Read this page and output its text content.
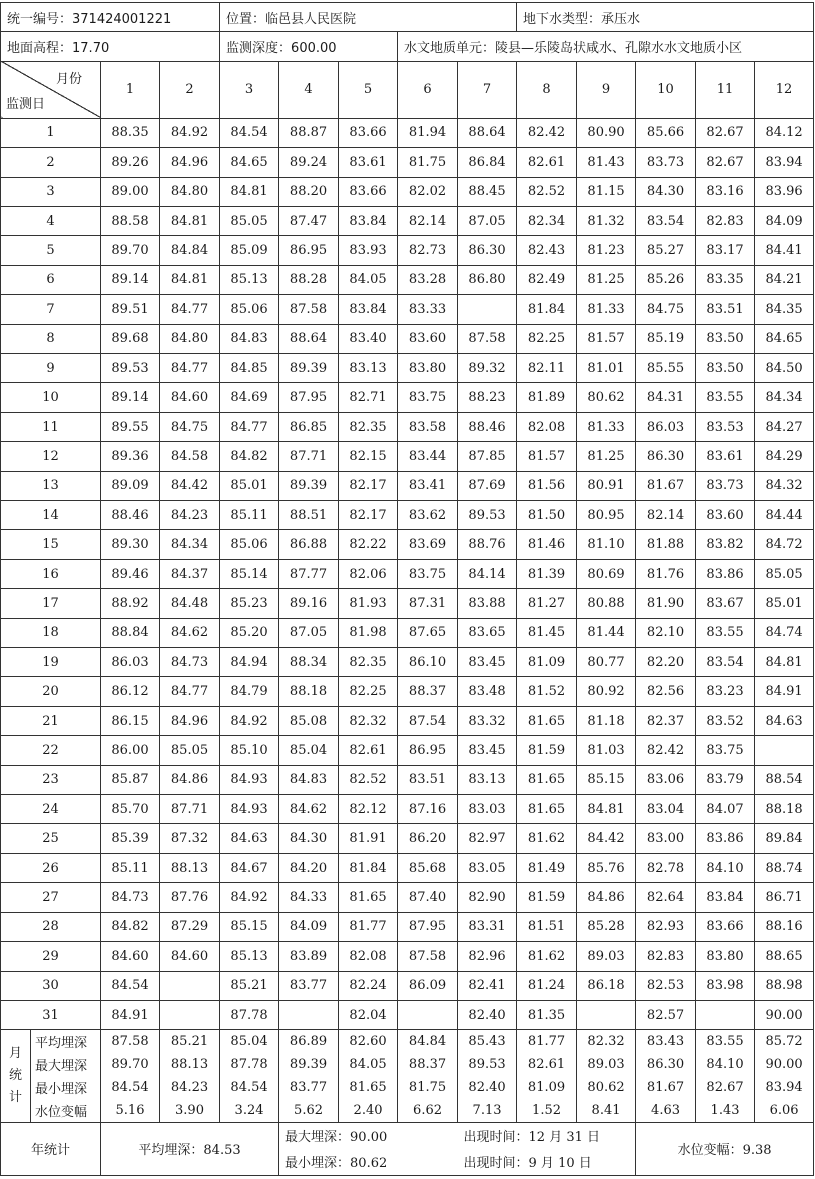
统一编号：371424001221				位置：临邑县人民医院					地下水类型：承压水				
地面高程：17.70				监测深度：600.00			水文地质单元：陵县—乐陵岛状咸水、孔隙水水文地质小区						

月份
监测日		1	2	3	4	5	6	7	8	9	10	11	12
1		88.35	84.92	84.54	88.87	83.66	81.94	88.64	82.42	80.90	85.66	82.67	84.12
2		89.26	84.96	84.65	89.24	83.61	81.75	86.84	82.61	81.43	83.73	82.67	83.94
3		89.00	84.80	84.81	88.20	83.66	82.02	88.45	82.52	81.15	84.30	83.16	83.96
4		88.58	84.81	85.05	87.47	83.84	82.14	87.05	82.34	81.32	83.54	82.83	84.09
5		89.70	84.84	85.09	86.95	83.93	82.73	86.30	82.43	81.23	85.27	83.17	84.41
6		89.14	84.81	85.13	88.28	84.05	83.28	86.80	82.49	81.25	85.26	83.35	84.21
7		89.51	84.77	85.06	87.58	83.84	83.33		81.84	81.33	84.75	83.51	84.35
8		89.68	84.80	84.83	88.64	83.40	83.60	87.58	82.25	81.57	85.19	83.50	84.65
9		89.53	84.77	84.85	89.39	83.13	83.80	89.32	82.11	81.01	85.55	83.50	84.50
10		89.14	84.60	84.69	87.95	82.71	83.75	88.23	81.89	80.62	84.31	83.55	84.34
11		89.55	84.75	84.77	86.85	82.35	83.58	88.46	82.08	81.33	86.03	83.53	84.27
12		89.36	84.58	84.82	87.71	82.15	83.44	87.85	81.57	81.25	86.30	83.61	84.29
13		89.09	84.42	85.01	89.39	82.17	83.41	87.69	81.56	80.91	81.67	83.73	84.32
14		88.46	84.23	85.11	88.51	82.17	83.62	89.53	81.50	80.95	82.14	83.60	84.44
15		89.30	84.34	85.06	86.88	82.22	83.69	88.76	81.46	81.10	81.88	83.82	84.72
16		89.46	84.37	85.14	87.77	82.06	83.75	84.14	81.39	80.69	81.76	83.86	85.05
17		88.92	84.48	85.23	89.16	81.93	87.31	83.88	81.27	80.88	81.90	83.67	85.01
18		88.84	84.62	85.20	87.05	81.98	87.65	83.65	81.45	81.44	82.10	83.55	84.74
19		86.03	84.73	84.94	88.34	82.35	86.10	83.45	81.09	80.77	82.20	83.54	84.81
20		86.12	84.77	84.79	88.18	82.25	88.37	83.48	81.52	80.92	82.56	83.23	84.91
21		86.15	84.96	84.92	85.08	82.32	87.54	83.32	81.65	81.18	82.37	83.52	84.63
22		86.00	85.05	85.10	85.04	82.61	86.95	83.45	81.59	81.03	82.42	83.75	
23		85.87	84.86	84.93	84.83	82.52	83.51	83.13	81.65	85.15	83.06	83.79	88.54
24		85.70	87.71	84.93	84.62	82.12	87.16	83.03	81.65	84.81	83.04	84.07	88.18
25		85.39	87.32	84.63	84.30	81.91	86.20	82.97	81.62	84.42	83.00	83.86	89.84
26		85.11	88.13	84.67	84.20	81.84	85.68	83.05	81.49	85.76	82.78	84.10	88.74
27		84.73	87.76	84.92	84.33	81.65	87.40	82.90	81.59	84.86	82.64	83.84	86.71
28		84.82	87.29	85.15	84.09	81.77	87.95	83.31	81.51	85.28	82.93	83.66	88.16
29		84.60	84.60	85.13	83.89	82.08	87.58	82.96	81.62	89.03	82.83	83.80	88.65
30		84.54		85.21	83.77	82.24	86.09	82.41	81.24	86.18	82.53	83.98	88.98
31		84.91		87.78		82.04		82.40	81.35		82.57		90.00

月
统
计	平均埋深	87.58	85.21	85.04	86.89	82.60	84.84	85.43	81.77	82.32	83.43	83.55	85.72
	最大埋深	89.70	88.13	87.78	89.39	84.05	88.37	89.53	82.61	89.03	86.30	84.10	90.00
	最小埋深	84.54	84.23	84.54	83.77	81.65	81.75	82.40	81.09	80.62	81.67	82.67	83.94
	水位变幅	5.16	3.90	3.24	5.62	2.40	6.62	7.13	1.52	8.41	4.63	1.43	6.06
年统计		平均埋深：84.53			最大埋深：90.00			出现时间：12 月 31 日			水位变幅：9.38		
					最小埋深：80.62			出现时间：9 月 10 日					
